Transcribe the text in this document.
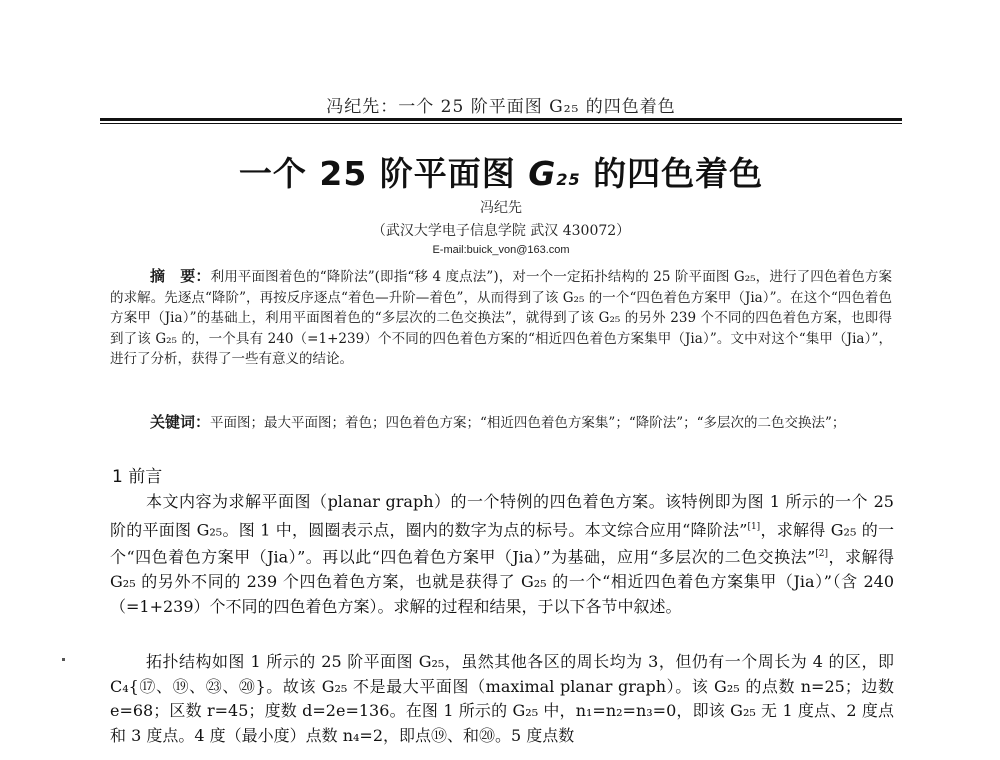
冯纪先：一个 25 阶平面图 G₂₅ 的四色着色
一个 25 阶平面图 G25 的四色着色
冯纪先
（武汉大学电子信息学院 武汉 430072）
E-mail:buick_von@163.com
摘　要：利用平面图着色的“降阶法”(即指“移 4 度点法”)，对一个一定拓扑结构的 25 阶平面图 G₂₅，进行了四色着色方案的求解。先逐点“降阶”，再按反序逐点“着色—升阶—着色”，从而得到了该 G₂₅ 的一个“四色着色方案甲（Jia）”。在这个“四色着色方案甲（Jia）”的基础上，利用平面图着色的“多层次的二色交换法”，就得到了该 G₂₅ 的另外 239 个不同的四色着色方案，也即得到了该 G₂₅ 的，一个具有 240（=1+239）个不同的四色着色方案的“相近四色着色方案集甲（Jia）”。文中对这个“集甲（Jia）”，进行了分析，获得了一些有意义的结论。
关键词：平面图；最大平面图；着色；四色着色方案；“相近四色着色方案集”；“降阶法”；“多层次的二色交换法”；
1 前言
本文内容为求解平面图（planar graph）的一个特例的四色着色方案。该特例即为图 1 所示的一个 25 阶的平面图 G₂₅。图 1 中，圆圈表示点，圈内的数字为点的标号。本文综合应用“降阶法”[1]，求解得 G₂₅ 的一个“四色着色方案甲（Jia）”。再以此“四色着色方案甲（Jia）”为基础，应用“多层次的二色交换法”[2]，求解得 G₂₅ 的另外不同的 239 个四色着色方案，也就是获得了 G₂₅ 的一个“相近四色着色方案集甲（Jia）”（含 240（=1+239）个不同的四色着色方案）。求解的过程和结果，于以下各节中叙述。
拓扑结构如图 1 所示的 25 阶平面图 G₂₅，虽然其他各区的周长均为 3，但仍有一个周长为 4 的区，即 C₄{⑰、⑲、㉓、⑳}。故该 G₂₅ 不是最大平面图（maximal planar graph）。该 G₂₅ 的点数 n=25；边数 e=68；区数 r=45；度数 d=2e=136。在图 1 所示的 G₂₅ 中，n₁=n₂=n₃=0，即该 G₂₅ 无 1 度点、2 度点和 3 度点。4 度（最小度）点数 n₄=2，即点⑲、和⑳。5 度点数
